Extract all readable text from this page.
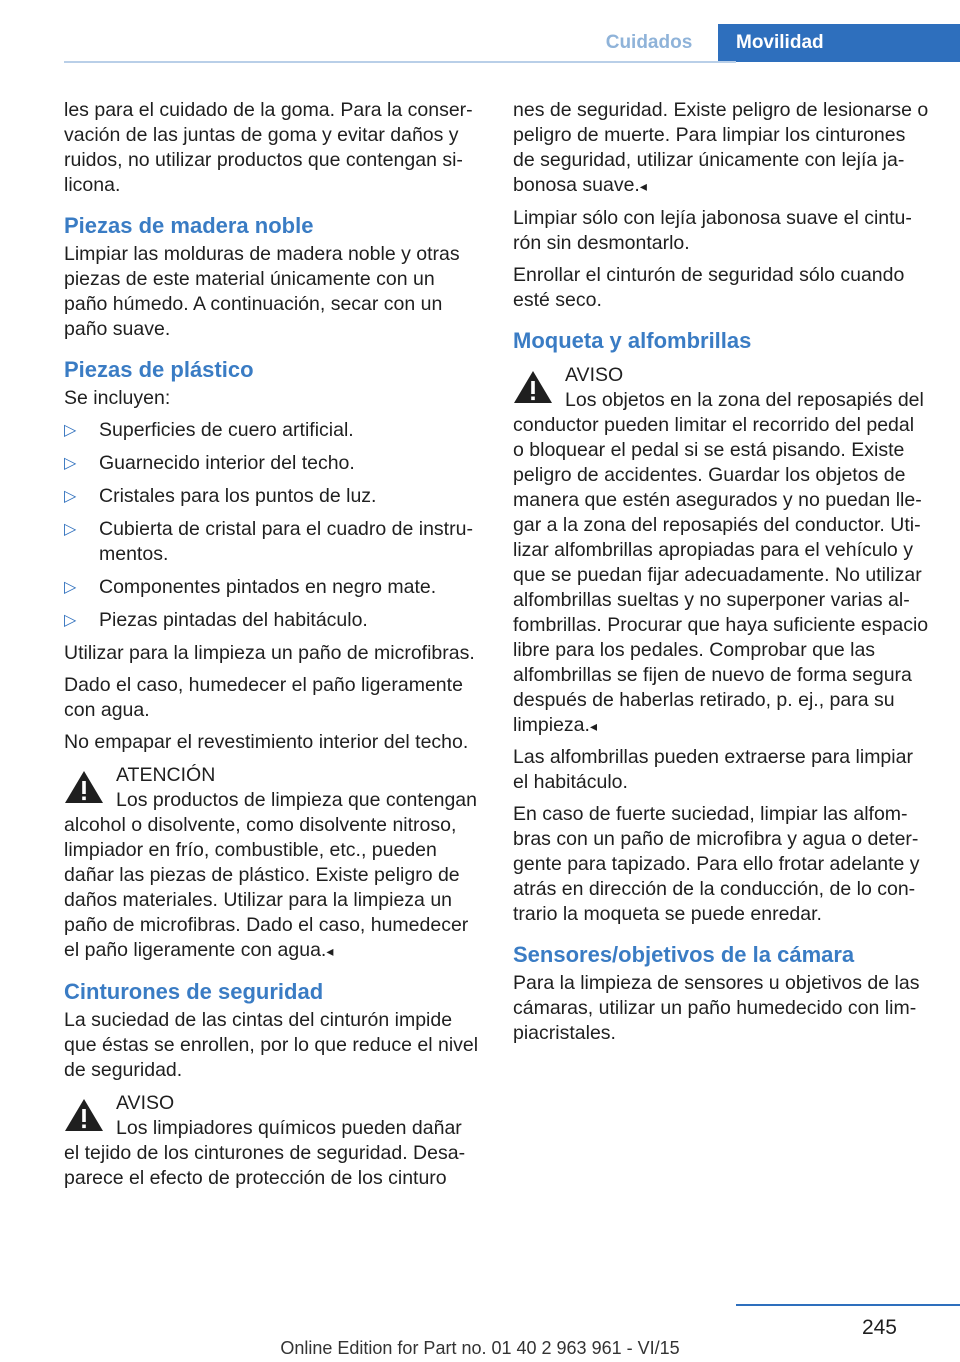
Cuidados	Movilidad

les para el cuidado de la goma. Para la conservación de las juntas de goma y evitar daños y ruidos, no utilizar productos que contengan silicona.

Piezas de madera noble

Limpiar las molduras de madera noble y otras piezas de este material únicamente con un paño húmedo. A continuación, secar con un paño suave.

Piezas de plástico

Se incluyen:

▷ Superficies de cuero artificial.
▷ Guarnecido interior del techo.
▷ Cristales para los puntos de luz.
▷ Cubierta de cristal para el cuadro de instrumentos.
▷ Componentes pintados en negro mate.
▷ Piezas pintadas del habitáculo.

Utilizar para la limpieza un paño de microfibras.

Dado el caso, humedecer el paño ligeramente con agua.

No empapar el revestimiento interior del techo.

ATENCIÓN

Los productos de limpieza que contengan alcohol o disolvente, como disolvente nitroso, limpiador en frío, combustible, etc., pueden dañar las piezas de plástico. Existe peligro de daños materiales. Utilizar para la limpieza un paño de microfibras. Dado el caso, humedecer el paño ligeramente con agua.◂

Cinturones de seguridad

La suciedad de las cintas del cinturón impide que éstas se enrollen, por lo que reduce el nivel de seguridad.

AVISO

Los limpiadores químicos pueden dañar el tejido de los cinturones de seguridad. Desaparece el efecto de protección de los cinturo

nes de seguridad. Existe peligro de lesionarse o peligro de muerte. Para limpiar los cinturones de seguridad, utilizar únicamente con lejía jabonosa suave.◂

Limpiar sólo con lejía jabonosa suave el cinturón sin desmontarlo.

Enrollar el cinturón de seguridad sólo cuando esté seco.

Moqueta y alfombrillas

AVISO

Los objetos en la zona del reposapiés del conductor pueden limitar el recorrido del pedal o bloquear el pedal si se está pisando. Existe peligro de accidentes. Guardar los objetos de manera que estén asegurados y no puedan llegar a la zona del reposapiés del conductor. Utilizar alfombrillas apropiadas para el vehículo y que se puedan fijar adecuadamente. No utilizar alfombrillas sueltas y no superponer varias alfombrillas. Procurar que haya suficiente espacio libre para los pedales. Comprobar que las alfombrillas se fijen de nuevo de forma segura después de haberlas retirado, p. ej., para su limpieza.◂

Las alfombrillas pueden extraerse para limpiar el habitáculo.

En caso de fuerte suciedad, limpiar las alfombras con un paño de microfibra y agua o detergente para tapizado. Para ello frotar adelante y atrás en dirección de la conducción, de lo contrario la moqueta se puede enredar.

Sensores/objetivos de la cámara

Para la limpieza de sensores u objetivos de las cámaras, utilizar un paño humedecido con limpiacristales.

245
Online Edition for Part no. 01 40 2 963 961 - VI/15
